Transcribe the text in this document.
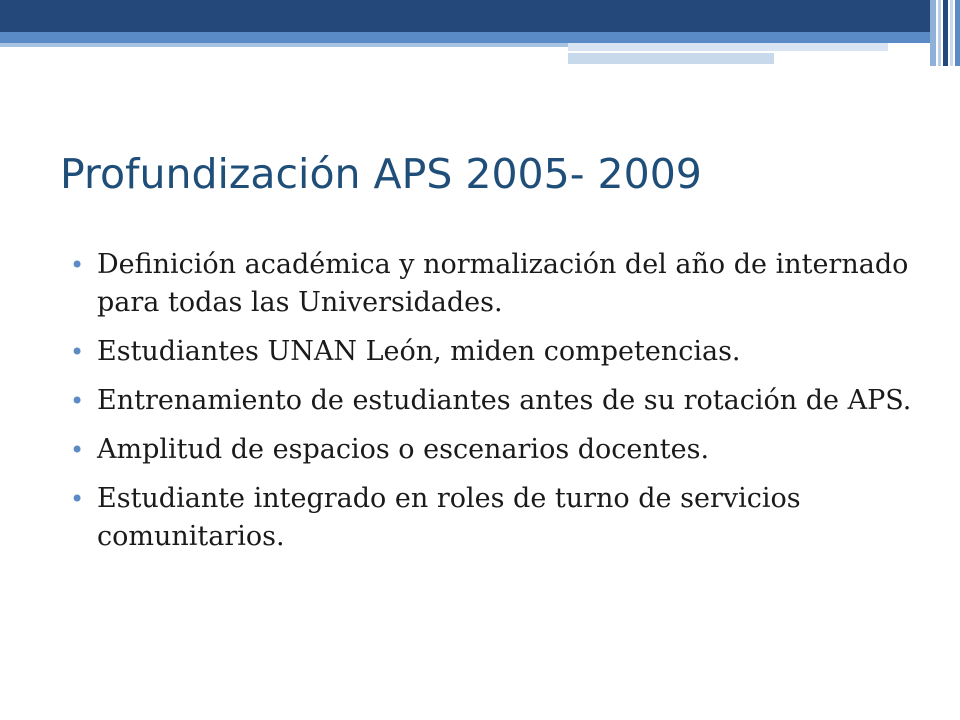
Profundización APS 2005- 2009
• Definición académica y normalización del año de internado para todas las Universidades.
• Estudiantes UNAN León, miden competencias.
• Entrenamiento de estudiantes antes de su rotación de APS.
• Amplitud de espacios o escenarios docentes.
• Estudiante integrado en roles de turno de servicios comunitarios.
